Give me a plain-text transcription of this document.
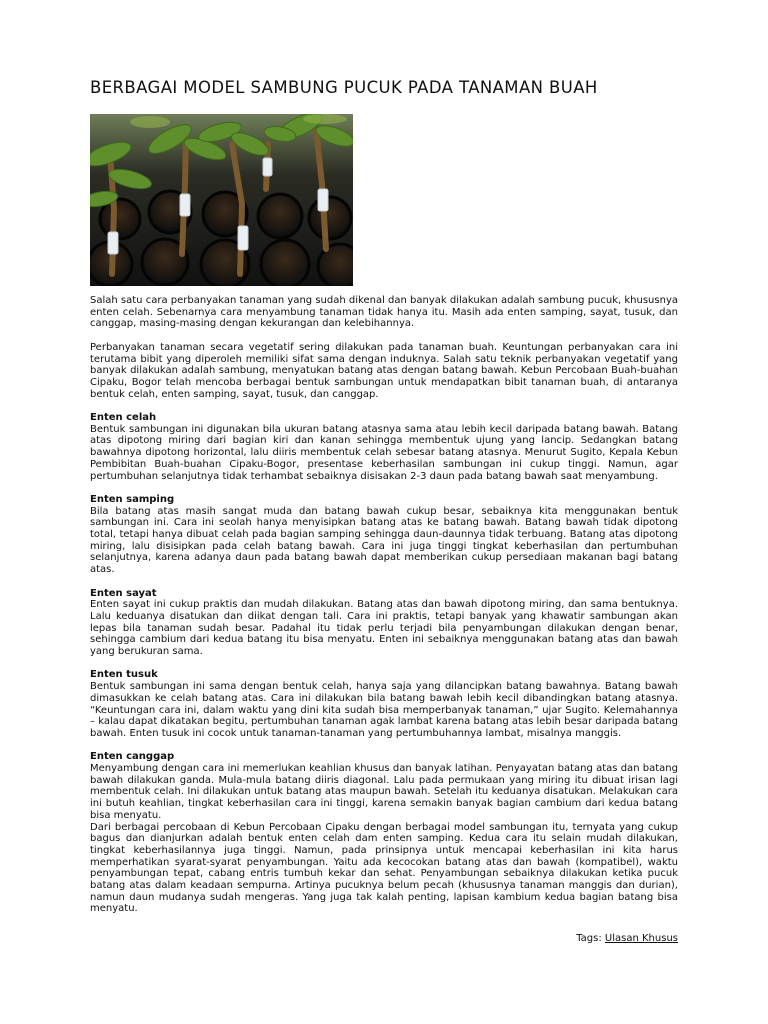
BERBAGAI MODEL SAMBUNG PUCUK PADA TANAMAN BUAH

Salah satu cara perbanyakan tanaman yang sudah dikenal dan banyak dilakukan adalah sambung pucuk, khususnya enten celah. Sebenarnya cara menyambung tanaman tidak hanya itu. Masih ada enten samping, sayat, tusuk, dan canggap, masing-masing dengan kekurangan dan kelebihannya.

Perbanyakan tanaman secara vegetatif sering dilakukan pada tanaman buah. Keuntungan perbanyakan cara ini terutama bibit yang diperoleh memiliki sifat sama dengan induknya. Salah satu teknik perbanyakan vegetatif yang banyak dilakukan adalah sambung, menyatukan batang atas dengan batang bawah. Kebun Percobaan Buah-buahan Cipaku, Bogor telah mencoba berbagai bentuk sambungan untuk mendapatkan bibit tanaman buah, di antaranya bentuk celah, enten samping, sayat, tusuk, dan canggap.

Enten celah

Bentuk sambungan ini digunakan bila ukuran batang atasnya sama atau lebih kecil daripada batang bawah. Batang atas dipotong miring dari bagian kiri dan kanan sehingga membentuk ujung yang lancip. Sedangkan batang bawahnya dipotong horizontal, lalu diiris membentuk celah sebesar batang atasnya. Menurut Sugito, Kepala Kebun Pembibitan Buah-buahan Cipaku-Bogor, presentase keberhasilan sambungan ini cukup tinggi. Namun, agar pertumbuhan selanjutnya tidak terhambat sebaiknya disisakan 2-3 daun pada batang bawah saat menyambung.

Enten samping

Bila batang atas masih sangat muda dan batang bawah cukup besar, sebaiknya kita menggunakan bentuk sambungan ini. Cara ini seolah hanya menyisipkan batang atas ke batang bawah. Batang bawah tidak dipotong total, tetapi hanya dibuat celah pada bagian samping sehingga daun-daunnya tidak terbuang. Batang atas dipotong miring, lalu disisipkan pada celah batang bawah. Cara ini juga tinggi tingkat keberhasilan dan pertumbuhan selanjutnya, karena adanya daun pada batang bawah dapat memberikan cukup persediaan makanan bagi batang atas.

Enten sayat

Enten sayat ini cukup praktis dan mudah dilakukan. Batang atas dan bawah dipotong miring, dan sama bentuknya. Lalu keduanya disatukan dan diikat dengan tali. Cara ini praktis, tetapi banyak yang khawatir sambungan akan lepas bila tanaman sudah besar. Padahal itu tidak perlu terjadi bila penyambungan dilakukan dengan benar, sehingga cambium dari kedua batang itu bisa menyatu. Enten ini sebaiknya menggunakan batang atas dan bawah yang berukuran sama.

Enten tusuk

Bentuk sambungan ini sama dengan bentuk celah, hanya saja yang dilancipkan batang bawahnya. Batang bawah dimasukkan ke celah batang atas. Cara ini dilakukan bila batang bawah lebih kecil dibandingkan batang atasnya. “Keuntungan cara ini, dalam waktu yang dini kita sudah bisa memperbanyak tanaman,” ujar Sugito. Kelemahannya – kalau dapat dikatakan begitu, pertumbuhan tanaman agak lambat karena batang atas lebih besar daripada batang bawah. Enten tusuk ini cocok untuk tanaman-tanaman yang pertumbuhannya lambat, misalnya manggis.

Enten canggap

Menyambung dengan cara ini memerlukan keahlian khusus dan banyak latihan. Penyayatan batang atas dan batang bawah dilakukan ganda. Mula-mula batang diiris diagonal. Lalu pada permukaan yang miring itu dibuat irisan lagi membentuk celah. Ini dilakukan untuk batang atas maupun bawah. Setelah itu keduanya disatukan. Melakukan cara ini butuh keahlian, tingkat keberhasilan cara ini tinggi, karena semakin banyak bagian cambium dari kedua batang bisa menyatu.

Dari berbagai percobaan di Kebun Percobaan Cipaku dengan berbagai model sambungan itu, ternyata yang cukup bagus dan dianjurkan adalah bentuk enten celah dam enten samping. Kedua cara itu selain mudah dilakukan, tingkat keberhasilannya juga tinggi. Namun, pada prinsipnya untuk mencapai keberhasilan ini kita harus memperhatikan syarat-syarat penyambungan. Yaitu ada kecocokan batang atas dan bawah (kompatibel), waktu penyambungan tepat, cabang entris tumbuh kekar dan sehat. Penyambungan sebaiknya dilakukan ketika pucuk batang atas dalam keadaan sempurna. Artinya pucuknya belum pecah (khususnya tanaman manggis dan durian), namun daun mudanya sudah mengeras. Yang juga tak kalah penting, lapisan kambium kedua bagian batang bisa menyatu.

Tags: Ulasan Khusus
